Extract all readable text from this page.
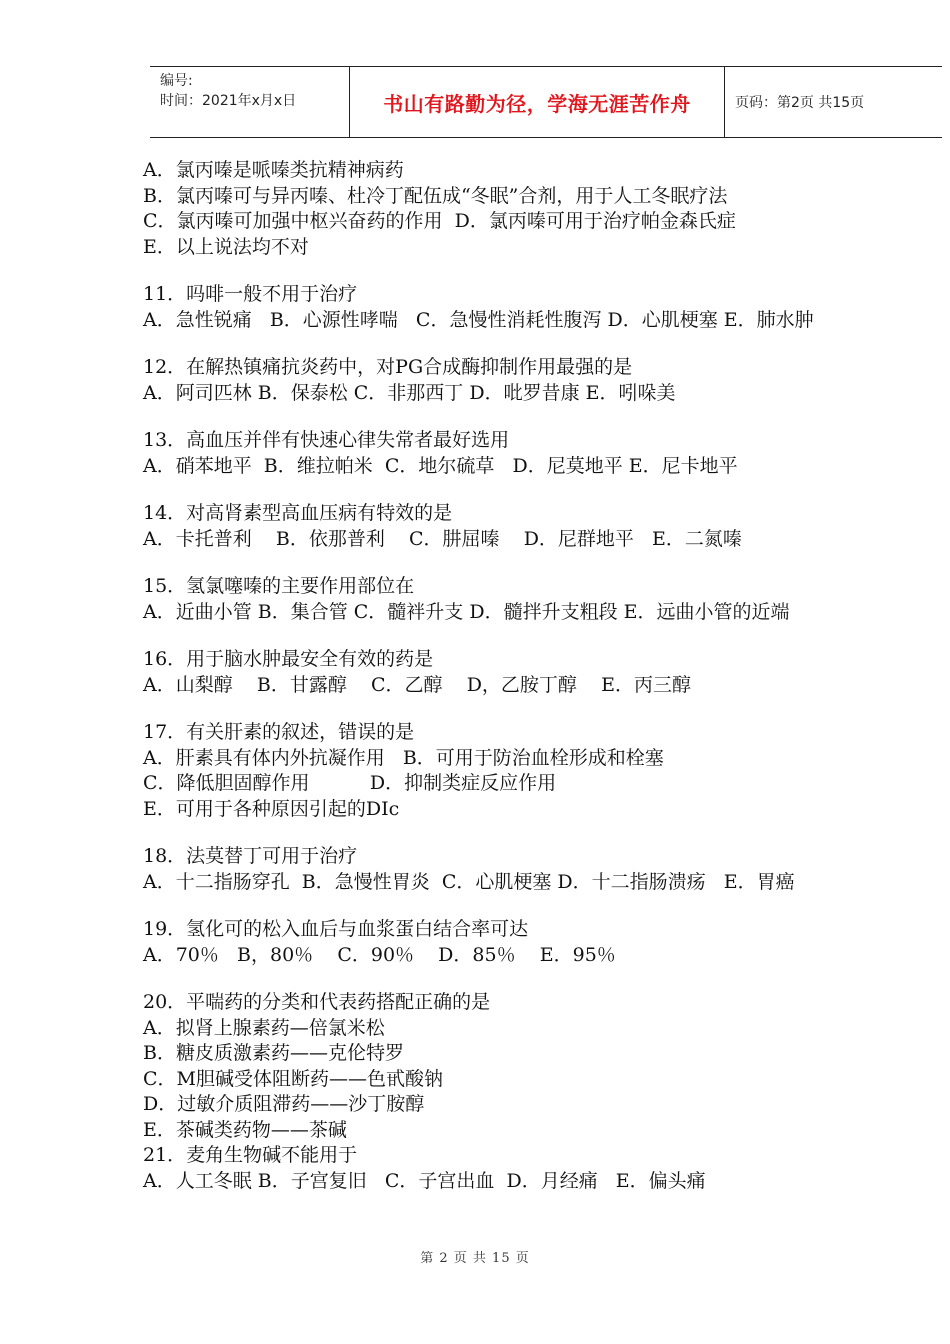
编号:
时间：2021年x月x日	书山有路勤为径，学海无涯苦作舟	页码：第2页 共15页
A．氯丙嗪是哌嗪类抗精神病药
B．氯丙嗪可与异丙嗪、杜冷丁配伍成“冬眠”合剂，用于人工冬眠疗法
C．氯丙嗪可加强中枢兴奋药的作用  D．氯丙嗪可用于治疗帕金森氏症
E．以上说法均不对
11．吗啡一般不用于治疗
A．急性锐痛   B．心源性哮喘   C．急慢性消耗性腹泻 D．心肌梗塞 E．肺水肿
12．在解热镇痛抗炎药中，对PG合成酶抑制作用最强的是
A．阿司匹林 B．保泰松 C．非那西丁 D．吡罗昔康 E．吲哚美
13．高血压并伴有快速心律失常者最好选用
A．硝苯地平  B．维拉帕米  C．地尔硫草   D．尼莫地平 E．尼卡地平
14．对高肾素型高血压病有特效的是
A．卡托普利    B．依那普利    C．肼屈嗪    D．尼群地平   E．二氮嗪
15．氢氯噻嗪的主要作用部位在
A．近曲小管 B．集合管 C．髓袢升支 D．髓拌升支粗段 E．远曲小管的近端
16．用于脑水肿最安全有效的药是
A．山梨醇    B．甘露醇    C．乙醇    D，乙胺丁醇    E．丙三醇
17．有关肝素的叙述，错误的是
A．肝素具有体内外抗凝作用   B．可用于防治血栓形成和栓塞
C．降低胆固醇作用          D．抑制类症反应作用
E．可用于各种原因引起的DIc
18．法莫替丁可用于治疗
A．十二指肠穿孔  B．急慢性胃炎  C．心肌梗塞 D．十二指肠溃疡   E．胃癌
19．氢化可的松入血后与血浆蛋白结合率可达
A．70％   B，80％    C．90％    D．85％    E．95％
20．平喘药的分类和代表药搭配正确的是
A．拟肾上腺素药—倍氯米松
B．糖皮质激素药——克伦特罗
C．M胆碱受体阻断药——色甙酸钠
D．过敏介质阻滞药——沙丁胺醇
E．茶碱类药物——茶碱
21．麦角生物碱不能用于
A．人工冬眠 B．子宫复旧   C．子宫出血  D．月经痛   E．偏头痛
第 2 页 共 15 页
